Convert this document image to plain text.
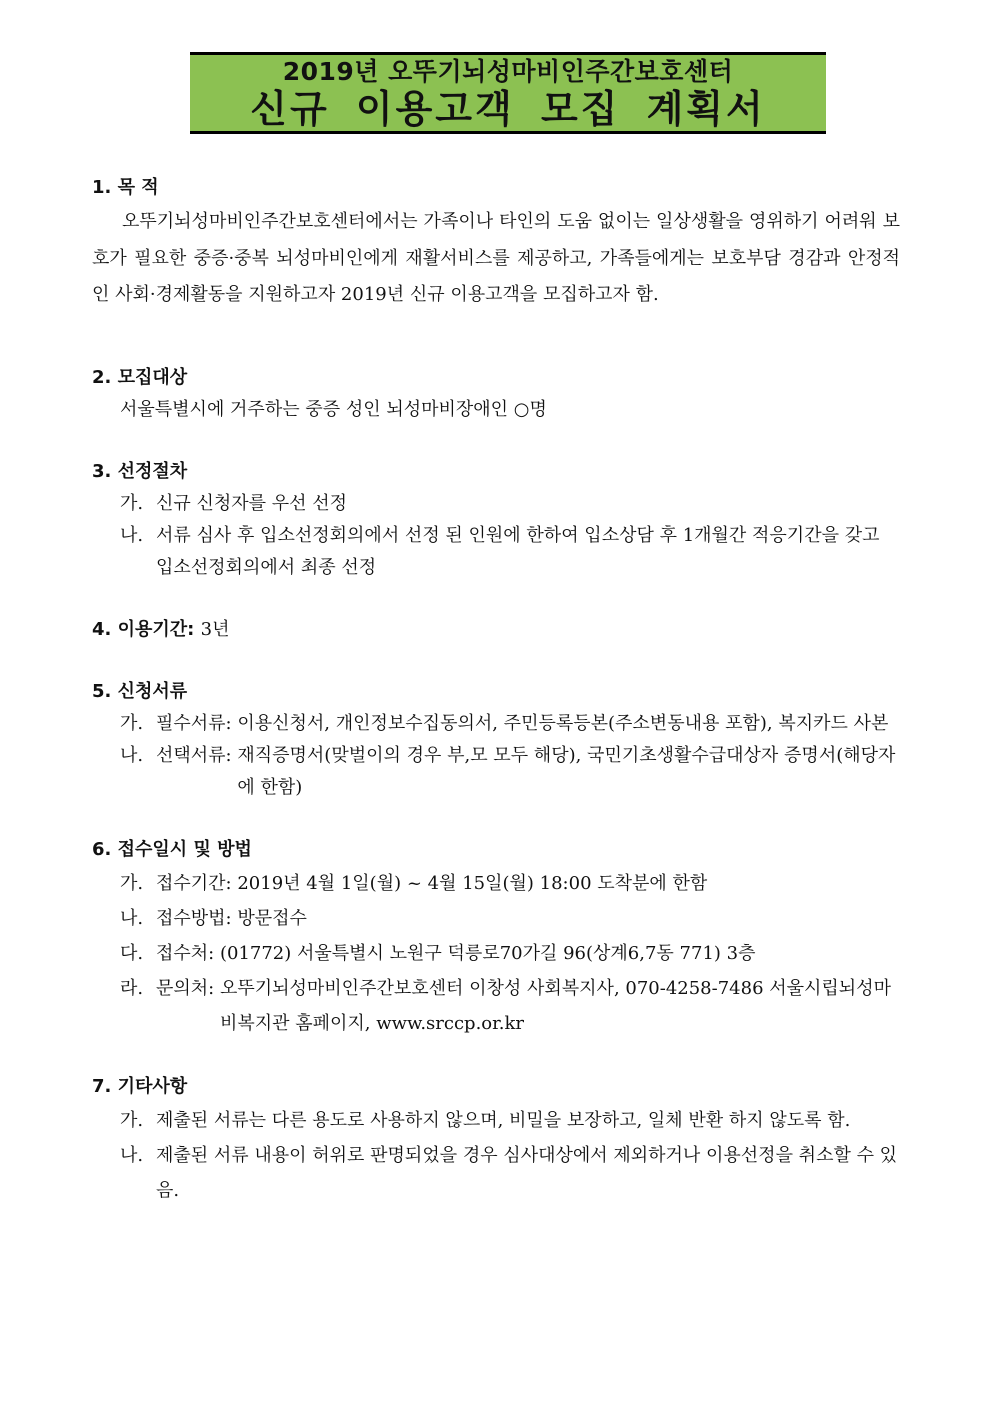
2019년 오뚜기뇌성마비인주간보호센터
신규 이용고객 모집 계획서

1. 목 적

오뚜기뇌성마비인주간보호센터에서는 가족이나 타인의 도움 없이는 일상생활을 영위하기 어려워 보호가 필요한 중증·중복 뇌성마비인에게 재활서비스를 제공하고, 가족들에게는 보호부담 경감과 안정적인 사회·경제활동을 지원하고자 2019년 신규 이용고객을 모집하고자 함.

2. 모집대상

서울특별시에 거주하는 중증 성인 뇌성마비장애인 ○명

3. 선정절차

가. 신규 신청자를 우선 선정
나. 서류 심사 후 입소선정회의에서 선정 된 인원에 한하여 입소상담 후 1개월간 적응기간을 갖고 입소선정회의에서 최종 선정

4. 이용기간: 3년

5. 신청서류

가. 필수서류:
이용신청서, 개인정보수집동의서, 주민등록등본(주소변동내용 포함), 복지카드 사본
나. 선택서류:
재직증명서(맞벌이의 경우 부,모 모두 해당), 국민기초생활수급대상자 증명서(해당자에 한함)

6. 접수일시 및 방법

가. 접수기간:
2019년 4월 1일(월) ~ 4월 15일(월) 18:00 도착분에 한함
나. 접수방법:
방문접수
다. 접수처:
(01772) 서울특별시 노원구 덕릉로70가길 96(상계6,7동 771) 3층
라. 문의처:
오뚜기뇌성마비인주간보호센터 이창성 사회복지사, 070-4258-7486 서울시립뇌성마비복지관 홈페이지, www.srccp.or.kr

7. 기타사항

가. 제출된 서류는 다른 용도로 사용하지 않으며, 비밀을 보장하고, 일체 반환 하지 않도록 함.
나. 제출된 서류 내용이 허위로 판명되었을 경우 심사대상에서 제외하거나 이용선정을 취소할 수 있음.
